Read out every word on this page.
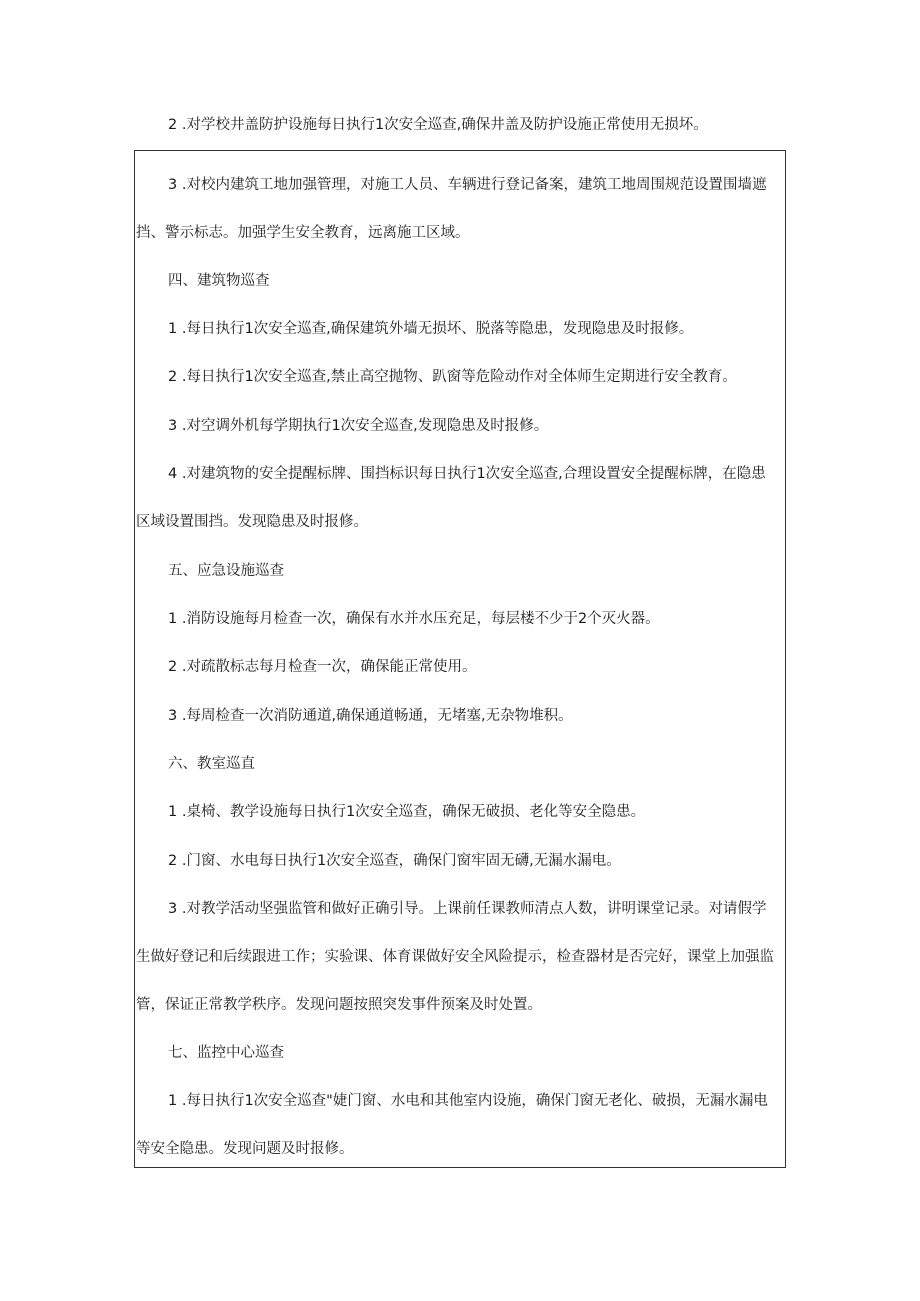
2 .对学校井盖防护设施每日执行1次安全巡查,确保井盖及防护设施正常使用无损坏。
3 .对校内建筑工地加强管理，对施工人员、车辆进行登记备案，建筑工地周围规范设置围墙遮
挡、警示标志。加强学生安全教育，远离施工区域。
四、建筑物巡查
1 .每日执行1次安全巡查,确保建筑外墙无损坏、脱落等隐患，发现隐患及时报修。
2 .每日执行1次安全巡查,禁止高空抛物、趴窗等危险动作对全体师生定期进行安全教育。
3 .对空调外机每学期执行1次安全巡查,发现隐患及时报修。
4 .对建筑物的安全提醒标牌、围挡标识每日执行1次安全巡查,合理设置安全提醒标牌，在隐患
区域设置围挡。发现隐患及时报修。
五、应急设施巡查
1 .消防设施每月检查一次，确保有水并水压充足，每层楼不少于2个灭火器。
2 .对疏散标志每月检查一次，确保能正常使用。
3 .每周检查一次消防通道,确保通道畅通，无堵塞,无杂物堆积。
六、教室巡直
1 .桌椅、教学设施每日执行1次安全巡查，确保无破损、老化等安全隐患。
2 .门窗、水电每日执行1次安全巡查，确保门窗牢固无礴,无漏水漏电。
3 .对教学活动坚强监管和做好正确引导。上课前任课教师清点人数，讲明课堂记录。对请假学
生做好登记和后续跟进工作；实验课、体育课做好安全风险提示，检查器材是否完好，课堂上加强监
管，保证正常教学秩序。发现问题按照突发事件预案及时处置。
七、监控中心巡查
1 .每日执行1次安全巡查"婕门窗、水电和其他室内设施，确保门窗无老化、破损，无漏水漏电
等安全隐患。发现问题及时报修。
